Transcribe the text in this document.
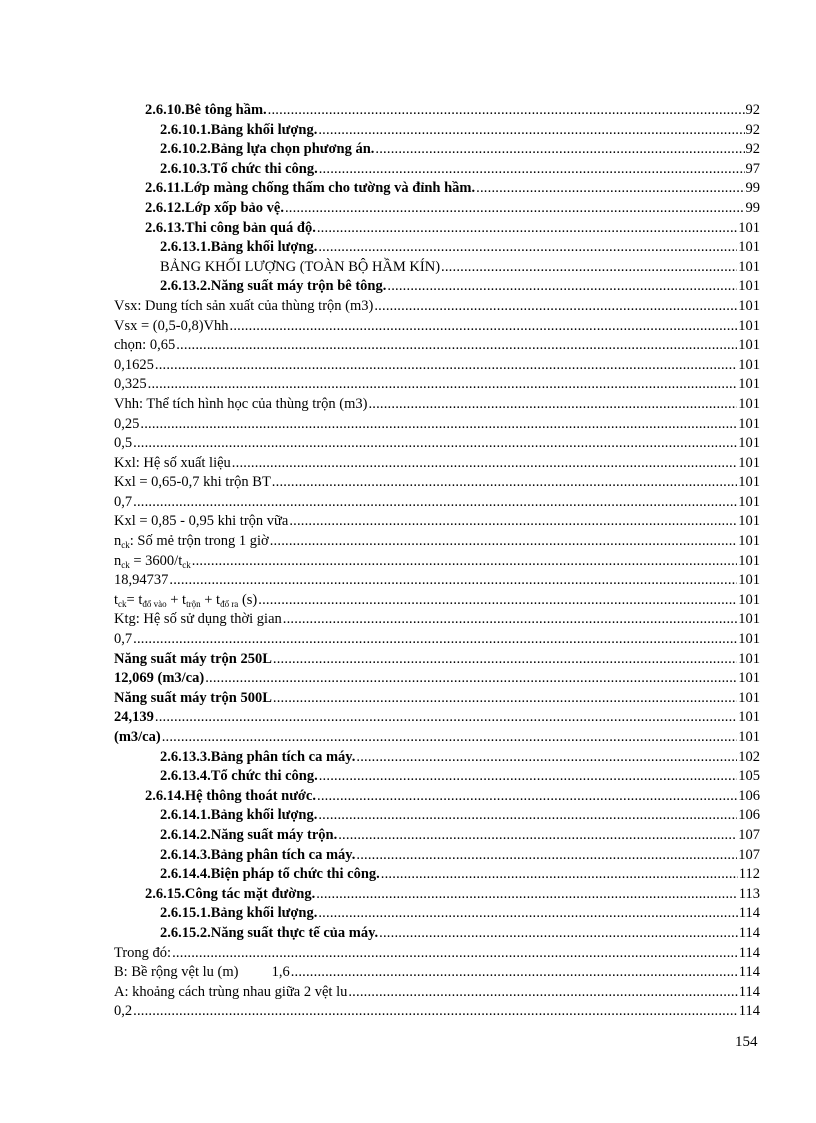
2.6.10. Bê tông hầm. .....	92
2.6.10.1. Bảng khối lượng. .....	92
2.6.10.2. Bảng lựa chọn phương án. .....	92
2.6.10.3. Tổ chức thi công. .....	97
2.6.11. Lớp màng chống thấm cho tường và đỉnh hầm. .....	99
2.6.12. Lớp xốp bảo vệ. .....	99
2.6.13. Thi công bản quá độ. .....	101
2.6.13.1. Bảng khối lượng. .....	101
BẢNG KHỐI LƯỢNG (TOÀN BỘ HẦM KÍN) .....	101
2.6.13.2. Năng suất máy trộn bê tông. .....	101
Vsx: Dung tích sản xuất của thùng trộn (m3) .....	101
Vsx = (0,5-0,8)Vhh .....	101
chọn: 0,65 .....	101
0,1625 .....	101
0,325 .....	101
Vhh: Thể tích hình học của thùng trộn (m3) .....	101
0,25 .....	101
0,5 .....	101
Kxl: Hệ số xuất liệu .....	101
Kxl = 0,65-0,7 khi trộn BT .....	101
0,7 .....	101
Kxl = 0,85 - 0,95 khi trộn vữa .....	101
$n_{ck}$: Số mẻ trộn trong 1 giờ .....	101
$n_{ck} = 3600/t_{ck}$ .....	101
18,94737 .....	101
$t_{ck}= t_{đổ vào} + t_{trộn} + t_{đổ ra}$ (s) .....	101
Ktg: Hệ số sử dụng thời gian .....	101
0,7 .....	101
Năng suất máy trộn 250L .....	101
12,069 (m3/ca) .....	101
Năng suất máy trộn 500L .....	101
24,139 .....	101
(m3/ca) .....	101
2.6.13.3. Bảng phân tích ca máy. .....	102
2.6.13.4. Tổ chức thi công. .....	105
2.6.14. Hệ thông thoát nước. .....	106
2.6.14.1. Bảng khối lượng. .....	106
2.6.14.2. Năng suất máy trộn. .....	107
2.6.14.3. Bảng phân tích ca máy. .....	107
2.6.14.4. Biện pháp tổ chức thi công. .....	112
2.6.15. Công tác mặt đường. .....	113
2.6.15.1. Bảng khối lượng. .....	114
2.6.15.2. Năng suất thực tế của máy. .....	114
Trong đó: .....	114
B: Bề rộng vệt lu (m)	1,6 .....	114
A: khoảng cách trùng nhau giữa 2 vệt lu .....	114
0,2 .....	114
154
